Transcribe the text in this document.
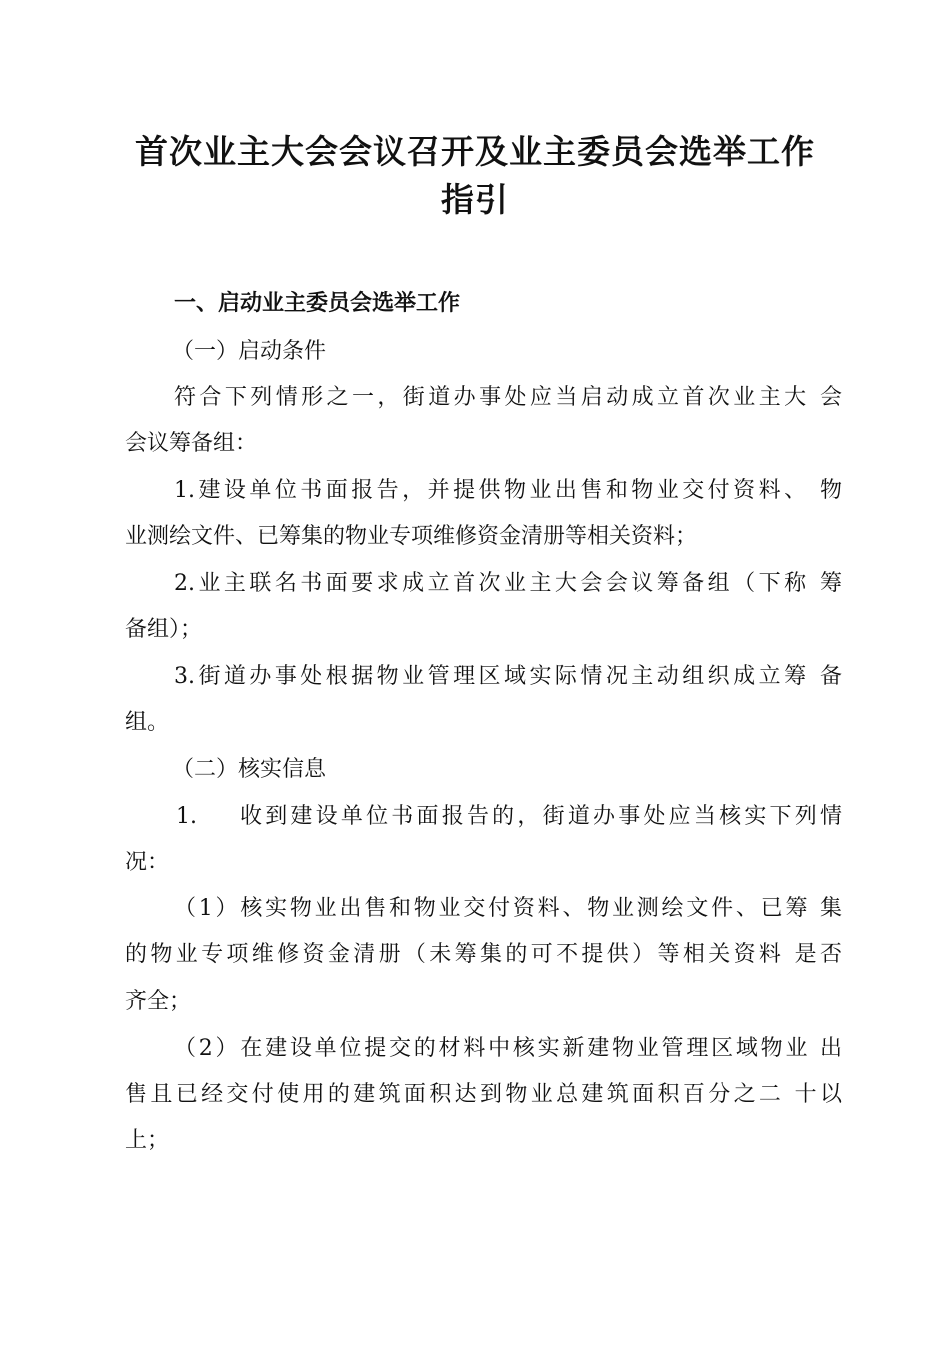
首次业主大会会议召开及业主委员会选举工作
指引
一、启动业主委员会选举工作
（一）启动条件
符合下列情形之一，街道办事处应当启动成立首次业主大 会
会议筹备组：
1.建设单位书面报告，并提供物业出售和物业交付资料、 物
业测绘文件、已筹集的物业专项维修资金清册等相关资料；
2.业主联名书面要求成立首次业主大会会议筹备组（下称 筹
备组）；
3.街道办事处根据物业管理区域实际情况主动组织成立筹 备
组。
（二）核实信息
1. 收到建设单位书面报告的，街道办事处应当核实下列情
况：
（1）核实物业出售和物业交付资料、物业测绘文件、已筹 集
的物业专项维修资金清册（未筹集的可不提供）等相关资料 是否
齐全；
（2）在建设单位提交的材料中核实新建物业管理区域物业 出
售且已经交付使用的建筑面积达到物业总建筑面积百分之二 十以
上；
